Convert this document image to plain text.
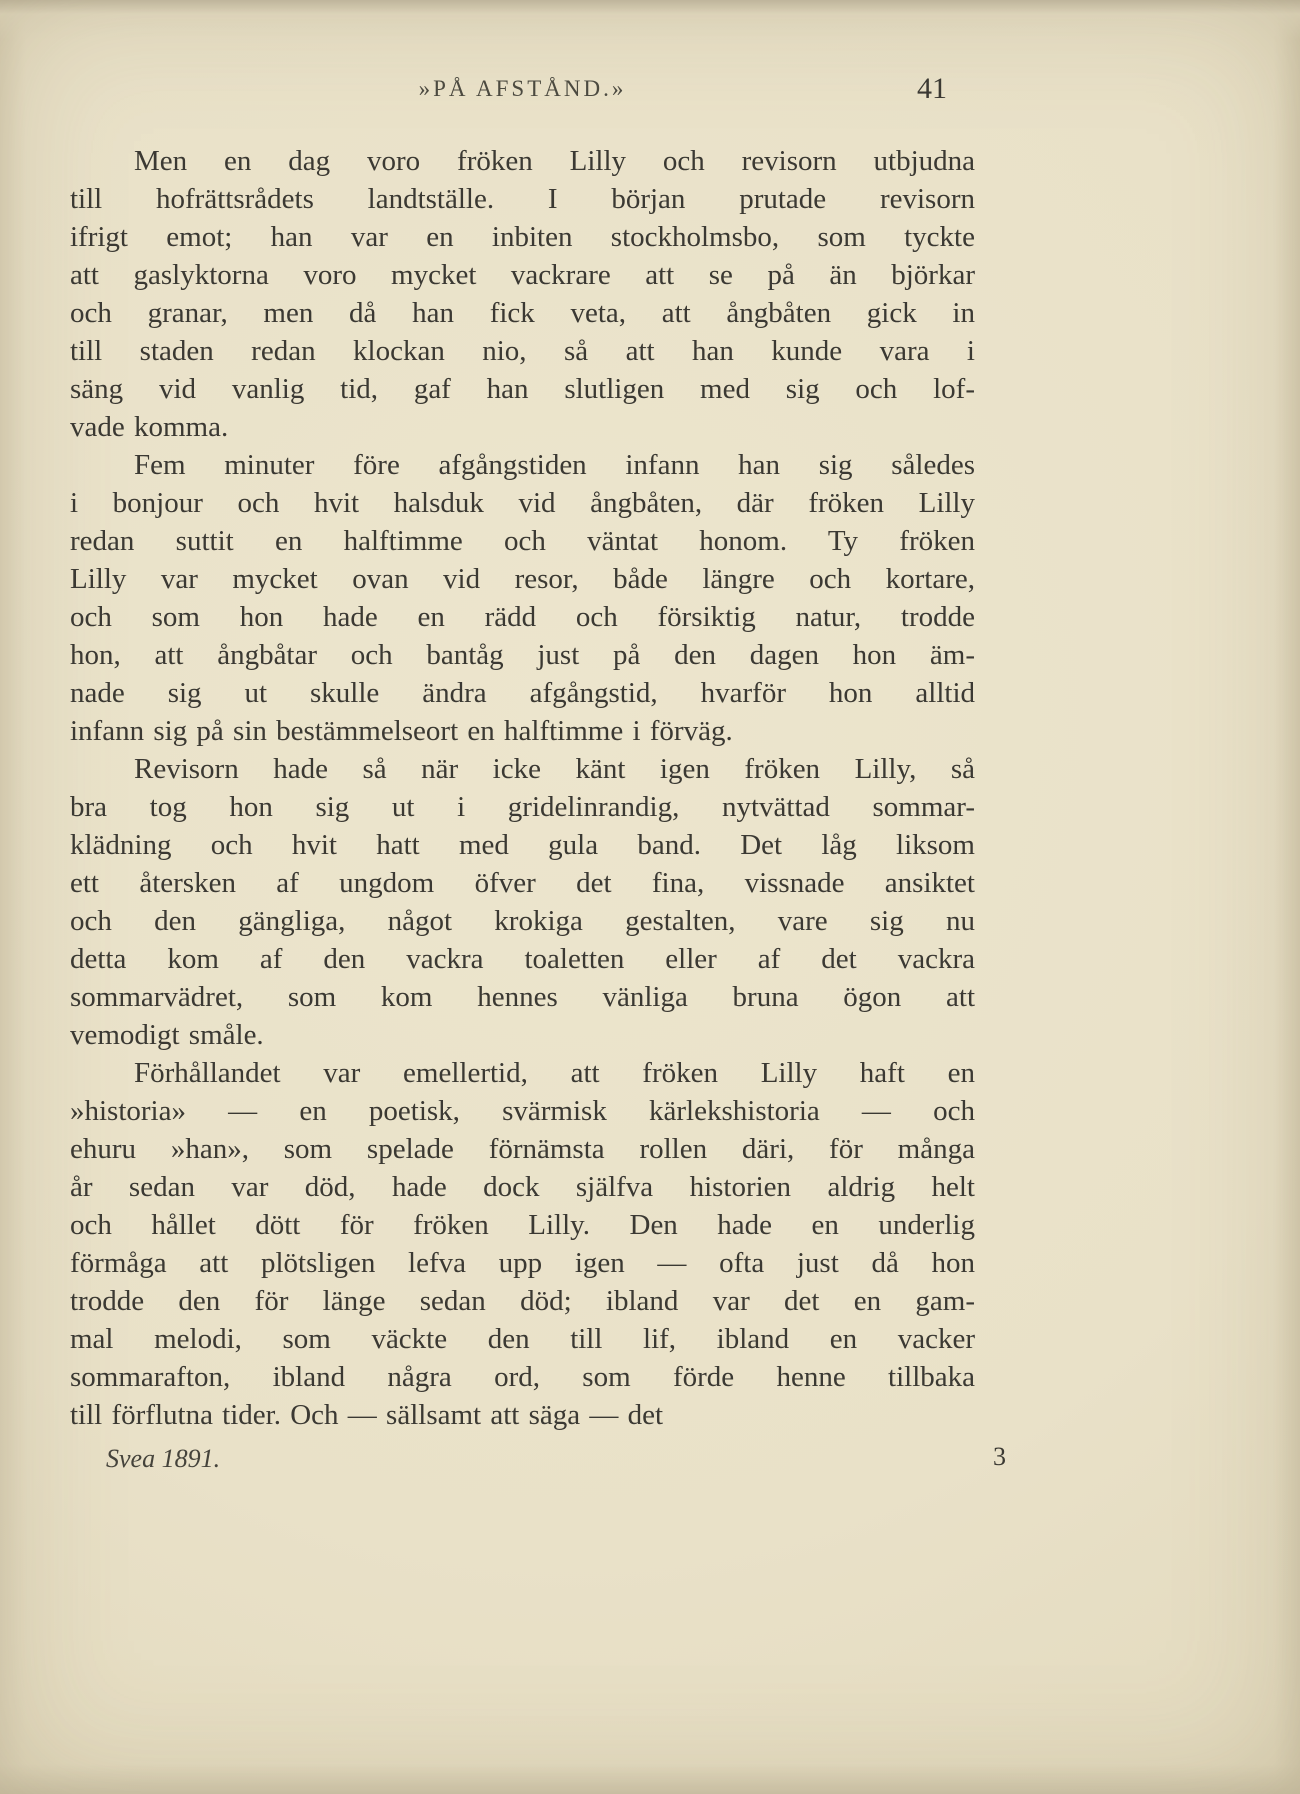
»PÅ AFSTÅND.»	41

Men en dag voro fröken Lilly och revisorn utbjudna
till hofrättsrådets landtställe. I början prutade revisorn
ifrigt emot; han var en inbiten stockholmsbo, som tyckte
att gaslyktorna voro mycket vackrare att se på än björkar
och granar, men då han fick veta, att ångbåten gick in
till staden redan klockan nio, så att han kunde vara i
säng vid vanlig tid, gaf han slutligen med sig och lof-
vade komma.

Fem minuter före afgångstiden infann han sig således
i bonjour och hvit halsduk vid ångbåten, där fröken Lilly
redan suttit en halftimme och väntat honom. Ty fröken
Lilly var mycket ovan vid resor, både längre och kortare,
och som hon hade en rädd och försiktig natur, trodde
hon, att ångbåtar och bantåg just på den dagen hon äm-
nade sig ut skulle ändra afgångstid, hvarför hon alltid
infann sig på sin bestämmelseort en halftimme i förväg.

Revisorn hade så när icke känt igen fröken Lilly, så
bra tog hon sig ut i gridelinrandig, nytvättad sommar-
klädning och hvit hatt med gula band. Det låg liksom
ett återsken af ungdom öfver det fina, vissnade ansiktet
och den gängliga, något krokiga gestalten, vare sig nu
detta kom af den vackra toaletten eller af det vackra
sommarvädret, som kom hennes vänliga bruna ögon att
vemodigt småle.

Förhållandet var emellertid, att fröken Lilly haft en
»historia» — en poetisk, svärmisk kärlekshistoria — och
ehuru »han», som spelade förnämsta rollen däri, för många
år sedan var död, hade dock själfva historien aldrig helt
och hållet dött för fröken Lilly. Den hade en underlig
förmåga att plötsligen lefva upp igen — ofta just då hon
trodde den för länge sedan död; ibland var det en gam-
mal melodi, som väckte den till lif, ibland en vacker
sommarafton, ibland några ord, som förde henne tillbaka
till förflutna tider. Och — sällsamt att säga — det

Svea 1891.	3
